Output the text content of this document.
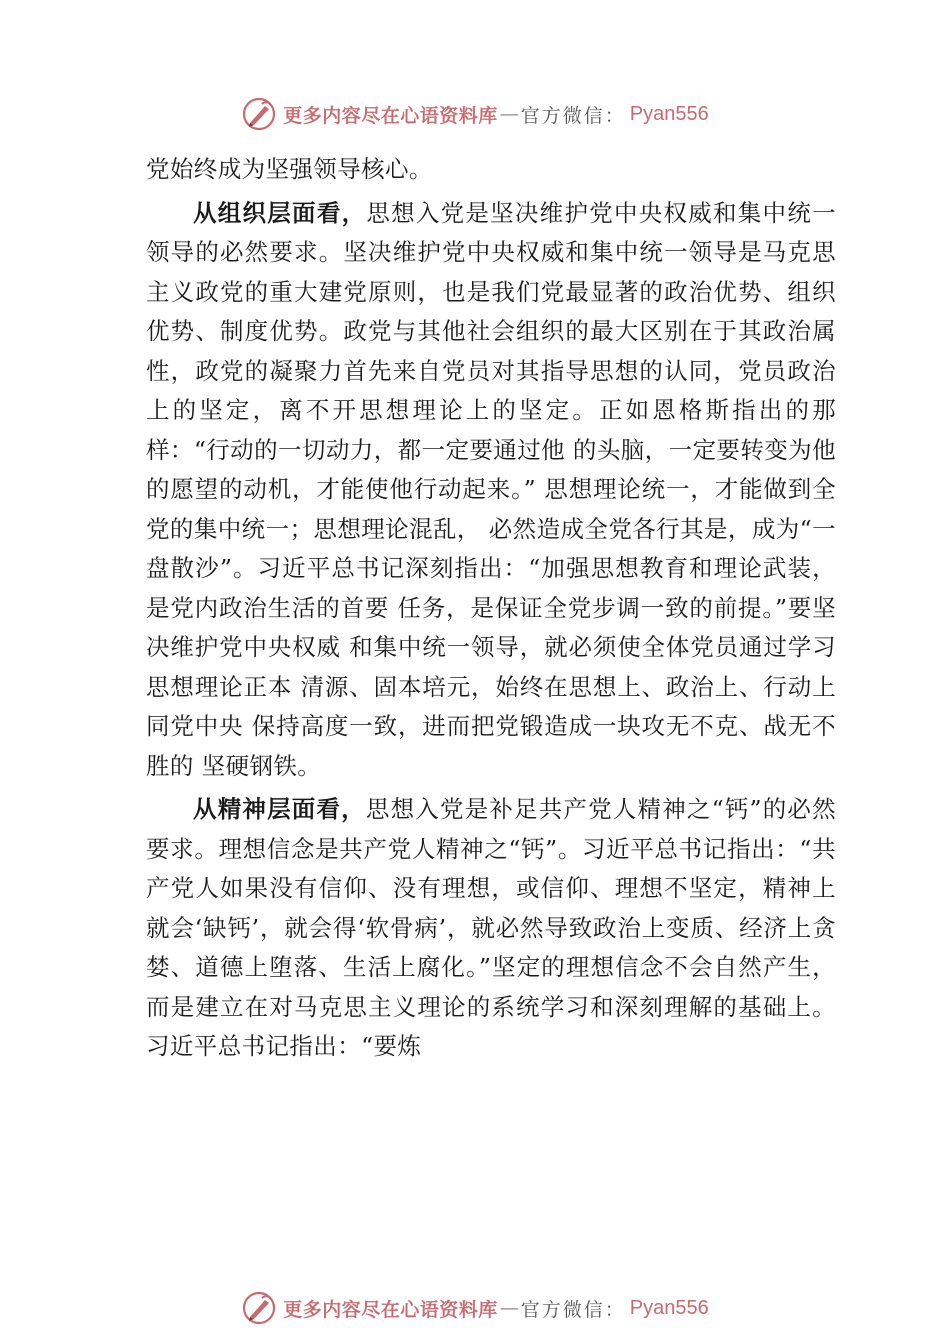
更多内容尽在心语资料库 — 官方微信： Pyan556

党始终成为坚强领导核心。

从组织层面看，思想入党是坚决维护党中央权威和集中统一领导的必然要求。坚决维护党中央权威和集中统一领导是马克思主义政党的重大建党原则，也是我们党最显著的政治优势、组织优势、制度优势。政党与其他社会组织的最大区别在于其政治属性，政党的凝聚力首先来自党员对其指导思想的认同，党员政治上的坚定，离不开思想理论上的坚定。正如恩格斯指出的那样：“行动的一切动力，都一定要通过他 的头脑，一定要转变为他的愿望的动机，才能使他行动起来。” 思想理论统一，才能做到全党的集中统一；思想理论混乱， 必然造成全党各行其是，成为“一盘散沙”。习近平总书记深刻指出：“加强思想教育和理论武装，是党内政治生活的首要 任务，是保证全党步调一致的前提。”要坚决维护党中央权威 和集中统一领导，就必须使全体党员通过学习思想理论正本 清源、固本培元，始终在思想上、政治上、行动上同党中央 保持高度一致，进而把党锻造成一块攻无不克、战无不胜的 坚硬钢铁。

从精神层面看，思想入党是补足共产党人精神之“钙”的必然要求。理想信念是共产党人精神之“钙”。习近平总书记指出：“共产党人如果没有信仰、没有理想，或信仰、理想不坚定，精神上就会‘缺钙’，就会得‘软骨病’，就必然导致政治上变质、经济上贪婪、道德上堕落、生活上腐化。”坚定的理想信念不会自然产生，而是建立在对马克思主义理论的系统学习和深刻理解的基础上。习近平总书记指出：“要炼

更多内容尽在心语资料库 — 官方微信： Pyan556
